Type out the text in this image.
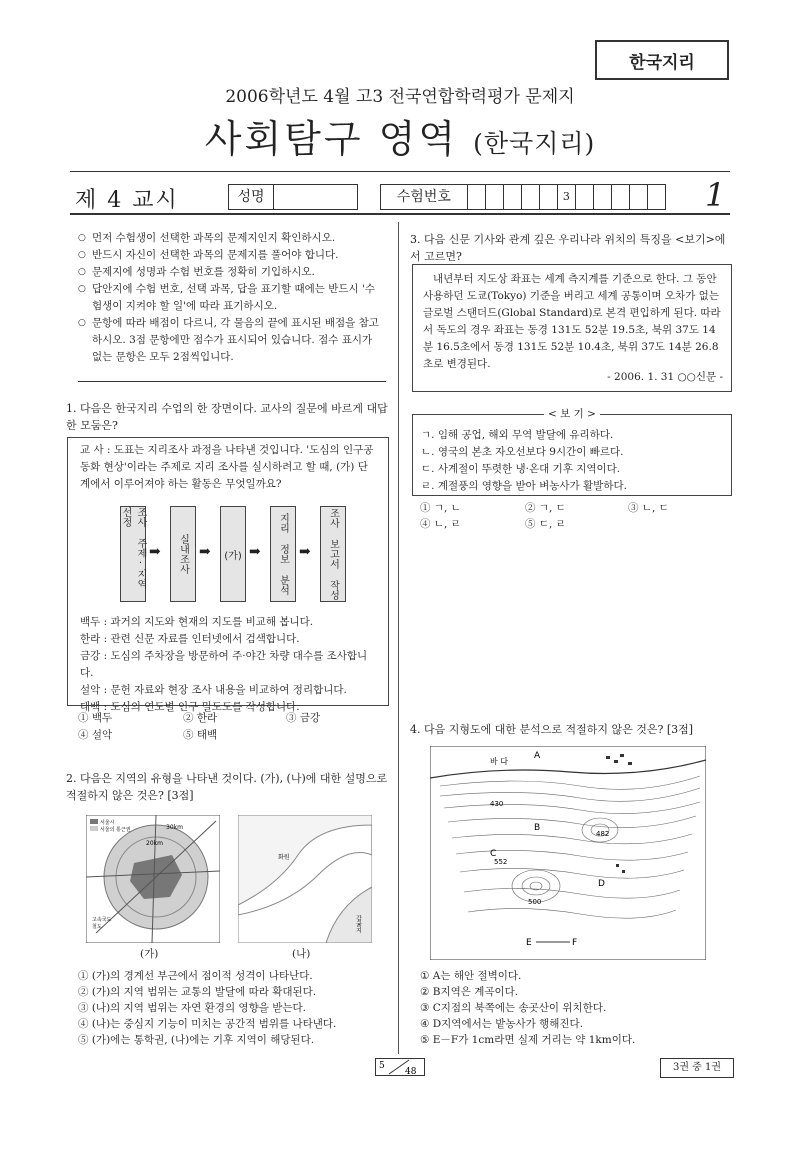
한국지리
2006학년도 4월 고3 전국연합학력평가 문제지
사회탐구 영역 (한국지리)
제 4 교시	성명	수험번호	3	1
○ 먼저 수험생이 선택한 과목의 문제지인지 확인하시오.
○ 반드시 자신이 선택한 과목의 문제지를 풀어야 합니다.
○ 문제지에 성명과 수험 번호를 정확히 기입하시오.
○ 답안지에 수험 번호, 선택 과목, 답을 표기할 때에는 반드시 '수험생이 지켜야 할 일'에 따라 표기하시오.
○ 문항에 따라 배점이 다르니, 각 물음의 끝에 표시된 배점을 참고하시오. 3점 문항에만 점수가 표시되어 있습니다. 점수 표시가 없는 문항은 모두 2점씩입니다.
1. 다음은 한국지리 수업의 한 장면이다. 교사의 질문에 바르게 대답한 모둠은?
교 사 : 도표는 지리조사 과정을 나타낸 것입니다. '도심의 인구공동화 현상'이라는 주제로 지리 조사를 실시하려고 할 때, (가) 단계에서 이루어져야 하는 활동은 무엇일까요?
조사 주제·지역 선정
➡	실내조사 ➡	(가) ➡	지리 정보 분석 ➡	조사 보고서 작성
백두 : 과거의 지도와 현재의 지도를 비교해 봅니다.
한라 : 관련 신문 자료를 인터넷에서 검색합니다.
금강 : 도심의 주차장을 방문하여 주·야간 차량 대수를 조사합니다.
설악 : 문헌 자료와 현장 조사 내용을 비교하여 정리합니다.
태백 : 도심의 연도별 인구 밀도도를 작성합니다.
① 백두	② 한라	③ 금강
④ 설악	⑤ 태백
2. 다음은 지역의 유형을 나타낸 것이다. (가), (나)에 대한 설명으로 적절하지 않은 것은? [3점]
서울시
서울의 통근권
고속국도
철도
30km
20km
화원
감귤지
(가)	(나)
① (가)의 경계선 부근에서 점이적 성격이 나타난다.
② (가)의 지역 범위는 교통의 발달에 따라 확대된다.
③ (나)의 지역 범위는 자연 환경의 영향을 받는다.
④ (나)는 중심지 기능이 미치는 공간적 범위를 나타낸다.
⑤ (가)에는 통학권, (나)에는 기후 지역이 해당된다.
3. 다음 신문 기사와 관계 깊은 우리나라 위치의 특징을 <보기>에서 고르면?
내년부터 지도상 좌표는 세계 측지계를 기준으로 한다. 그 동안 사용하던 도쿄(Tokyo) 기준을 버리고 세계 공통이며 오차가 없는 글로벌 스탠더드(Global Standard)로 본격 편입하게 된다. 따라서 독도의 경우 좌표는 동경 131도 52분 19.5초, 북위 37도 14분 16.5초에서 동경 131도 52분 10.4초, 북위 37도 14분 26.8초로 변경된다.
- 2006. 1. 31 ○○신문 -
< 보 기 >
ㄱ. 임해 공업, 해외 무역 발달에 유리하다.
ㄴ. 영국의 본초 자오선보다 9시간이 빠르다.
ㄷ. 사계절이 뚜렷한 냉·온대 기후 지역이다.
ㄹ. 계절풍의 영향을 받아 벼농사가 활발하다.
① ㄱ, ㄴ	② ㄱ, ㄷ	③ ㄴ, ㄷ
④ ㄴ, ㄹ	⑤ ㄷ, ㄹ
4. 다음 지형도에 대한 분석으로 적절하지 않은 것은? [3점]
바 다
A
B
C
D
E	F
482
500
430
552
① A는 해안 절벽이다.
② B지역은 계곡이다.
③ C지점의 북쪽에는 송곳산이 위치한다.
④ D지역에서는 밭농사가 행해진다.
⑤ E－F가 1cm라면 실제 거리는 약 1km이다.
5
48	3권 중 1권
